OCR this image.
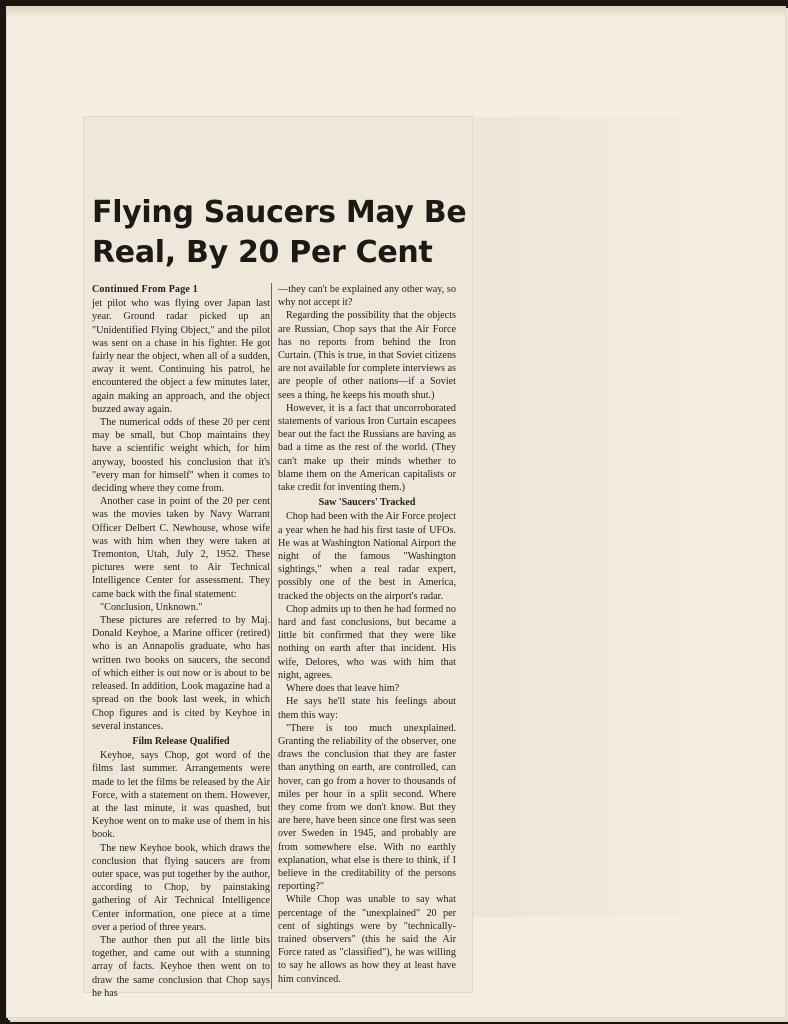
Flying Saucers May Be
Real, By 20 Per Cent

Continued From Page 1

jet pilot who was flying over Japan last year. Ground radar picked up an "Unidentified Flying Object," and the pilot was sent on a chase in his fighter. He got fairly near the object, when all of a sudden, away it went. Continuing his patrol, he encountered the object a few minutes later, again making an approach, and the object buzzed away again.

The numerical odds of these 20 per cent may be small, but Chop maintains they have a scientific weight which, for him anyway, boosted his conclusion that it's "every man for himself" when it comes to deciding where they come from.

Another case in point of the 20 per cent was the movies taken by Navy Warrant Officer Delbert C. Newhouse, whose wife was with him when they were taken at Tremonton, Utah, July 2, 1952. These pictures were sent to Air Technical Intelligence Center for assessment. They came back with the final statement:

"Conclusion, Unknown."

These pictures are referred to by Maj. Donald Keyhoe, a Marine officer (retired) who is an Annapolis graduate, who has written two books on saucers, the second of which either is out now or is about to be released. In addition, Look magazine had a spread on the book last week, in which Chop figures and is cited by Keyhoe in several instances.

Film Release Qualified

Keyhoe, says Chop, got word of the films last summer. Arrangements were made to let the films be released by the Air Force, with a statement on them. However, at the last minute, it was quashed, but Keyhoe went on to make use of them in his book.

The new Keyhoe book, which draws the conclusion that flying saucers are from outer space, was put together by the author, according to Chop, by painstaking gathering of Air Technical Intelligence Center information, one piece at a time over a period of three years.

The author then put all the little bits together, and came out with a stunning array of facts. Keyhoe then went on to draw the same conclusion that Chop says he has

—they can't be explained any other way, so why not accept it?

Regarding the possibility that the objects are Russian, Chop says that the Air Force has no reports from behind the Iron Curtain. (This is true, in that Soviet citizens are not available for complete interviews as are people of other nations—if a Soviet sees a thing, he keeps his mouth shut.)

However, it is a fact that uncorroborated statements of various Iron Curtain escapees bear out the fact the Russians are having as bad a time as the rest of the world. (They can't make up their minds whether to blame them on the American capitalists or take credit for inventing them.)

Saw 'Saucers' Tracked

Chop had been with the Air Force project a year when he had his first taste of UFOs. He was at Washington National Airport the night of the famous "Washington sightings," when a real radar expert, possibly one of the best in America, tracked the objects on the airport's radar.

Chop admits up to then he had formed no hard and fast conclusions, but became a little bit confirmed that they were like nothing on earth after that incident. His wife, Delores, who was with him that night, agrees.

Where does that leave him?

He says he'll state his feelings about them this way:

"There is too much unexplained. Granting the reliability of the observer, one draws the conclusion that they are faster than anything on earth, are controlled, can hover, can go from a hover to thousands of miles per hour in a split second. Where they come from we don't know. But they are here, have been since one first was seen over Sweden in 1945, and probably are from somewhere else. With no earthly explanation, what else is there to think, if I believe in the creditability of the persons reporting?"

While Chop was unable to say what percentage of the "unexplained" 20 per cent of sightings were by "technically-trained observers" (this he said the Air Force rated as "classified"), he was willing to say he allows as how they at least have him convinced.
